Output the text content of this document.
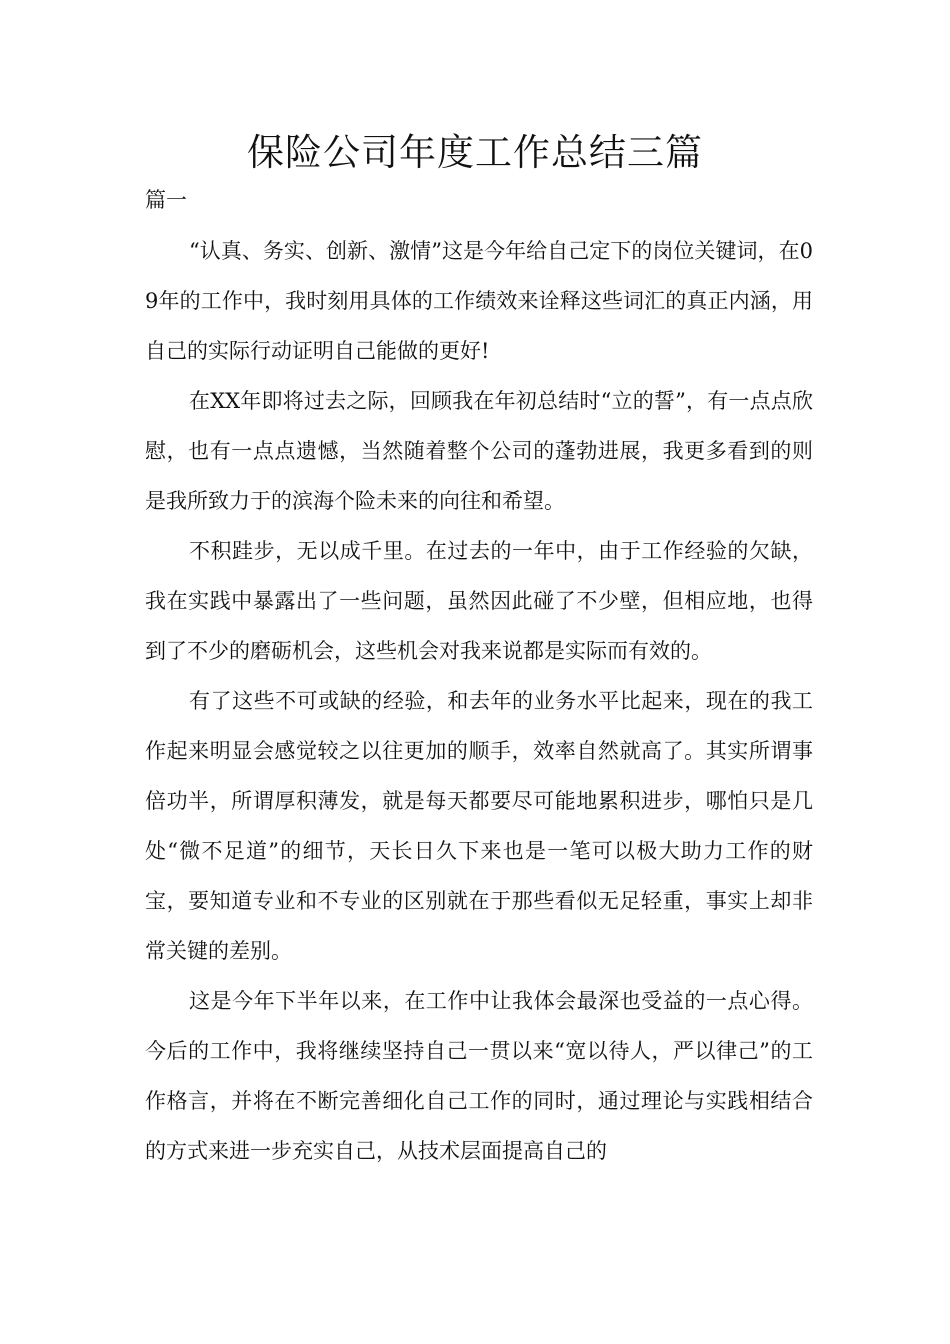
保险公司年度工作总结三篇

篇一

“认真、务实、创新、激情”这是今年给自己定下的岗位关键词，在09年的工作中，我时刻用具体的工作绩效来诠释这些词汇的真正内涵，用自己的实际行动证明自己能做的更好!

在XX年即将过去之际，回顾我在年初总结时“立的誓”，有一点点欣慰，也有一点点遗憾，当然随着整个公司的蓬勃进展，我更多看到的则是我所致力于的滨海个险未来的向往和希望。

不积跬步，无以成千里。在过去的一年中，由于工作经验的欠缺，我在实践中暴露出了一些问题，虽然因此碰了不少壁，但相应地，也得到了不少的磨砺机会，这些机会对我来说都是实际而有效的。

有了这些不可或缺的经验，和去年的业务水平比起来，现在的我工作起来明显会感觉较之以往更加的顺手，效率自然就高了。其实所谓事倍功半，所谓厚积薄发，就是每天都要尽可能地累积进步，哪怕只是几处“微不足道”的细节，天长日久下来也是一笔可以极大助力工作的财宝，要知道专业和不专业的区别就在于那些看似无足轻重，事实上却非常关键的差别。

这是今年下半年以来，在工作中让我体会最深也受益的一点心得。今后的工作中，我将继续坚持自己一贯以来“宽以待人，严以律己”的工作格言，并将在不断完善细化自己工作的同时，通过理论与实践相结合的方式来进一步充实自己，从技术层面提高自己的
